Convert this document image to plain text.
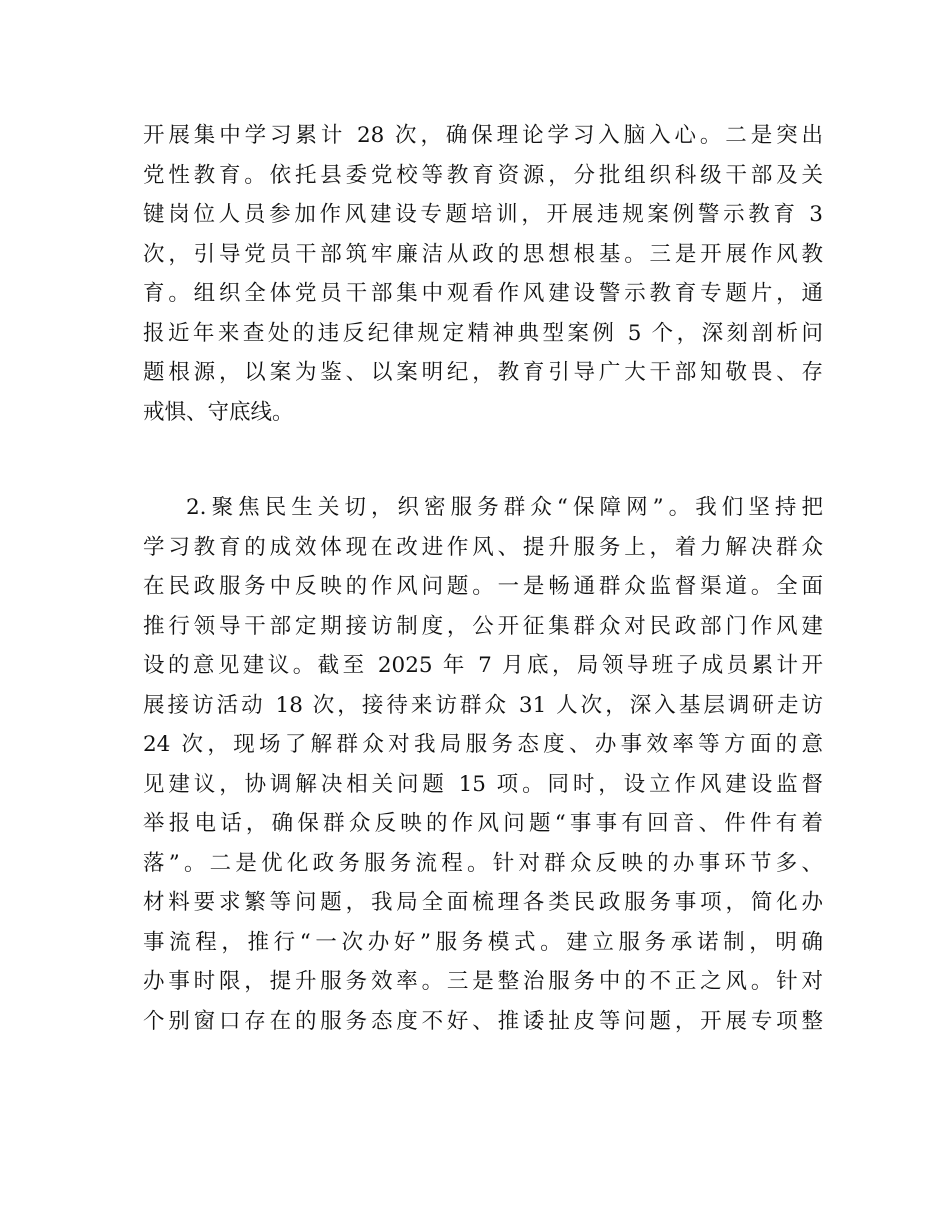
开展集中学习累计 28 次，确保理论学习入脑入心。二是突出
党性教育。依托县委党校等教育资源，分批组织科级干部及关
键岗位人员参加作风建设专题培训，开展违规案例警示教育 3
次，引导党员干部筑牢廉洁从政的思想根基。三是开展作风教
育。组织全体党员干部集中观看作风建设警示教育专题片，通
报近年来查处的违反纪律规定精神典型案例 5 个，深刻剖析问
题根源，以案为鉴、以案明纪，教育引导广大干部知敬畏、存
戒惧、守底线。
2.聚焦民生关切，织密服务群众“保障网”。我们坚持把
学习教育的成效体现在改进作风、提升服务上，着力解决群众
在民政服务中反映的作风问题。一是畅通群众监督渠道。全面
推行领导干部定期接访制度，公开征集群众对民政部门作风建
设的意见建议。截至 2025 年 7 月底，局领导班子成员累计开
展接访活动 18 次，接待来访群众 31 人次，深入基层调研走访
24 次，现场了解群众对我局服务态度、办事效率等方面的意
见建议，协调解决相关问题 15 项。同时，设立作风建设监督
举报电话，确保群众反映的作风问题“事事有回音、件件有着
落”。二是优化政务服务流程。针对群众反映的办事环节多、
材料要求繁等问题，我局全面梳理各类民政服务事项，简化办
事流程，推行“一次办好”服务模式。建立服务承诺制，明确
办事时限，提升服务效率。三是整治服务中的不正之风。针对
个别窗口存在的服务态度不好、推诿扯皮等问题，开展专项整
